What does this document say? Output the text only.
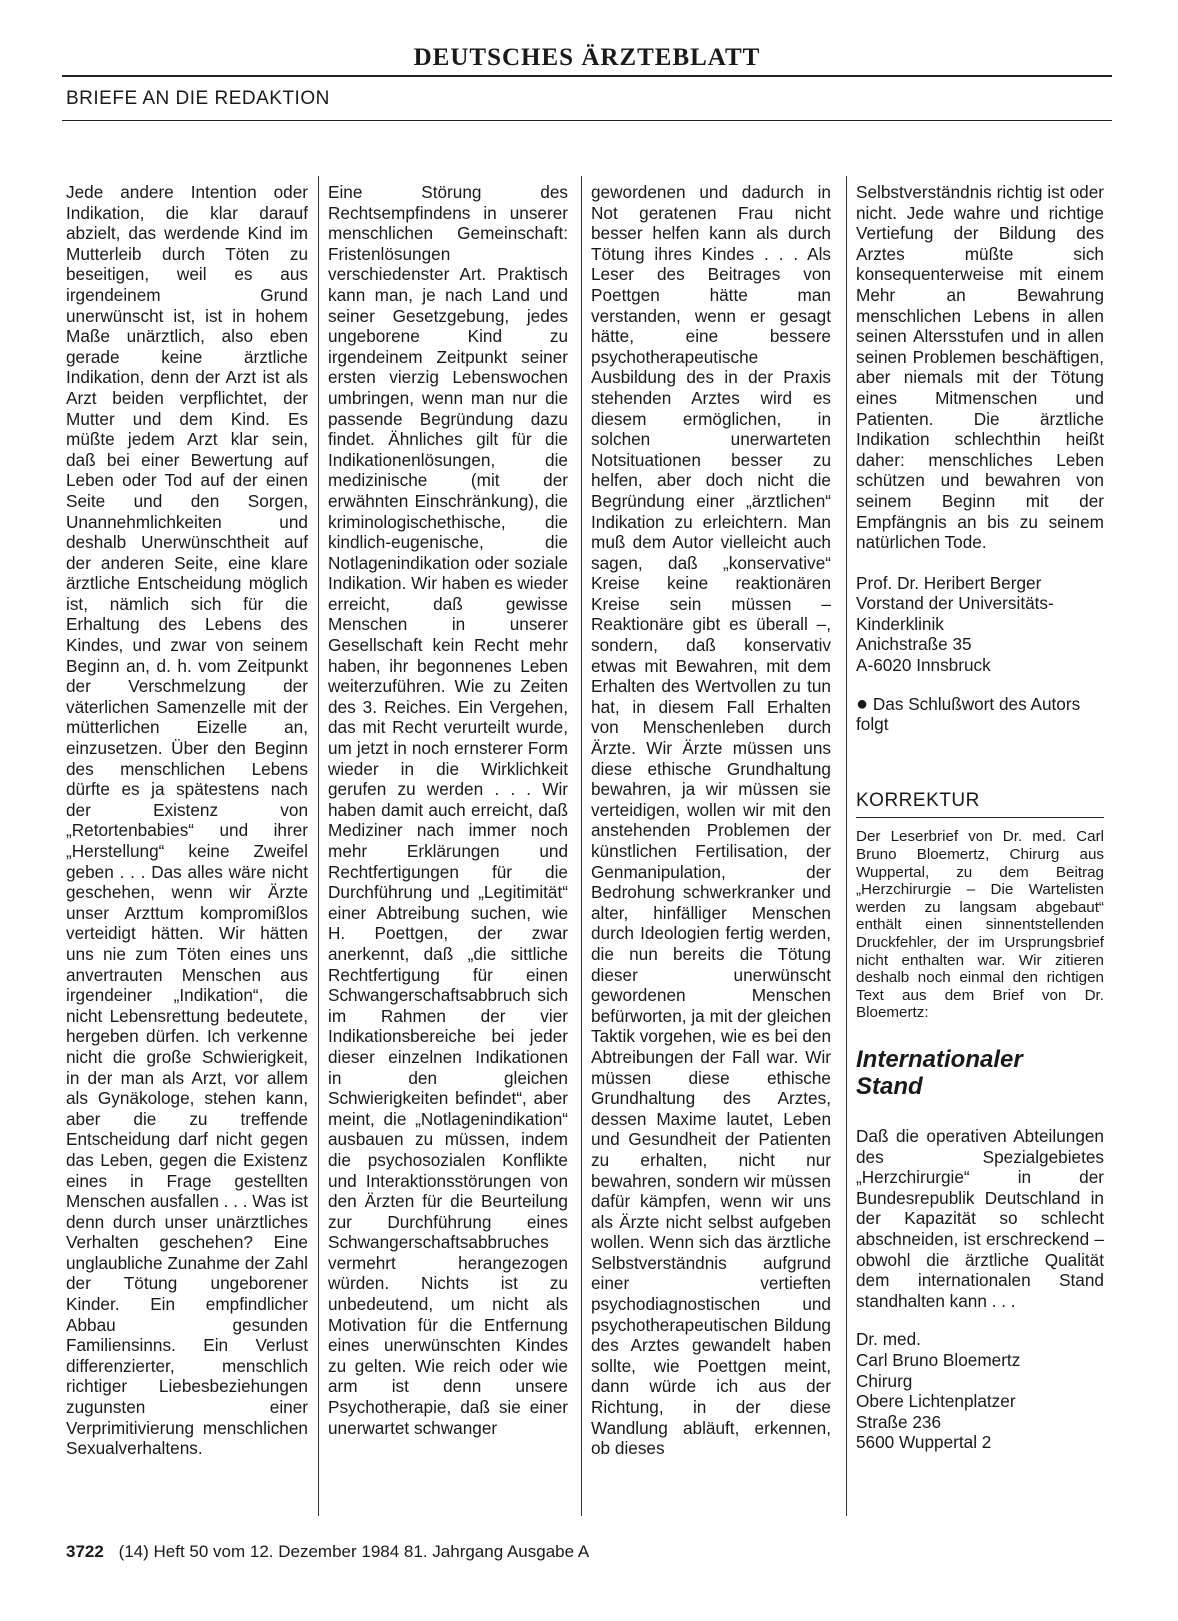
DEUTSCHES ÄRZTEBLATT
BRIEFE AN DIE REDAKTION

Jede andere Intention oder Indikation, die klar darauf abzielt, das werdende Kind im Mutterleib durch Töten zu beseitigen, weil es aus irgendeinem Grund unerwünscht ist, ist in hohem Maße unärztlich, also eben gerade keine ärztliche Indikation, denn der Arzt ist als Arzt beiden verpflichtet, der Mutter und dem Kind. Es müßte jedem Arzt klar sein, daß bei einer Bewertung auf Leben oder Tod auf der einen Seite und den Sorgen, Unannehmlichkeiten und deshalb Unerwünschtheit auf der anderen Seite, eine klare ärztliche Entscheidung möglich ist, nämlich sich für die Erhaltung des Lebens des Kindes, und zwar von seinem Beginn an, d. h. vom Zeitpunkt der Verschmelzung der väterlichen Samenzelle mit der mütterlichen Eizelle an, einzusetzen. Über den Beginn des menschlichen Lebens dürfte es ja spätestens nach der Existenz von „Retortenbabies“ und ihrer „Herstellung“ keine Zweifel geben . . . Das alles wäre nicht geschehen, wenn wir Ärzte unser Arzttum kompromißlos verteidigt hätten. Wir hätten uns nie zum Töten eines uns anvertrauten Menschen aus irgendeiner „Indikation“, die nicht Lebensrettung bedeutete, hergeben dürfen. Ich verkenne nicht die große Schwierigkeit, in der man als Arzt, vor allem als Gynäkologe, stehen kann, aber die zu treffende Entscheidung darf nicht gegen das Leben, gegen die Existenz eines in Frage gestellten Menschen ausfallen . . . Was ist denn durch unser unärztliches Verhalten geschehen? Eine unglaubliche Zunahme der Zahl der Tötung ungeborener Kinder. Ein empfindlicher Abbau gesunden Familiensinns. Ein Verlust differenzierter, menschlich richtiger Liebesbeziehungen zugunsten einer Verprimitivierung menschlichen Sexualverhaltens.

Eine Störung des Rechtsempfindens in unserer menschlichen Gemeinschaft: Fristenlösungen verschiedenster Art. Praktisch kann man, je nach Land und seiner Gesetzgebung, jedes ungeborene Kind zu irgendeinem Zeitpunkt seiner ersten vierzig Lebenswochen umbringen, wenn man nur die passende Begründung dazu findet. Ähnliches gilt für die Indikationenlösungen, die medizinische (mit der erwähnten Einschränkung), die kriminologischethische, die kindlich-eugenische, die Notlagenindikation oder soziale Indikation. Wir haben es wieder erreicht, daß gewisse Menschen in unserer Gesellschaft kein Recht mehr haben, ihr begonnenes Leben weiterzuführen. Wie zu Zeiten des 3. Reiches. Ein Vergehen, das mit Recht verurteilt wurde, um jetzt in noch ernsterer Form wieder in die Wirklichkeit gerufen zu werden . . . Wir haben damit auch erreicht, daß Mediziner nach immer noch mehr Erklärungen und Rechtfertigungen für die Durchführung und „Legitimität“ einer Abtreibung suchen, wie H. Poettgen, der zwar anerkennt, daß „die sittliche Rechtfertigung für einen Schwangerschaftsabbruch sich im Rahmen der vier Indikationsbereiche bei jeder dieser einzelnen Indikationen in den gleichen Schwierigkeiten befindet“, aber meint, die „Notlagenindikation“ ausbauen zu müssen, indem die psychosozialen Konflikte und Interaktionsstörungen von den Ärzten für die Beurteilung zur Durchführung eines Schwangerschaftsabbruches vermehrt herangezogen würden. Nichts ist zu unbedeutend, um nicht als Motivation für die Entfernung eines unerwünschten Kindes zu gelten. Wie reich oder wie arm ist denn unsere Psychotherapie, daß sie einer unerwartet schwanger

gewordenen und dadurch in Not geratenen Frau nicht besser helfen kann als durch Tötung ihres Kindes . . . Als Leser des Beitrages von Poettgen hätte man verstanden, wenn er gesagt hätte, eine bessere psychotherapeutische Ausbildung des in der Praxis stehenden Arztes wird es diesem ermöglichen, in solchen unerwarteten Notsituationen besser zu helfen, aber doch nicht die Begründung einer „ärztlichen“ Indikation zu erleichtern. Man muß dem Autor vielleicht auch sagen, daß „konservative“ Kreise keine reaktionären Kreise sein müssen – Reaktionäre gibt es überall –, sondern, daß konservativ etwas mit Bewahren, mit dem Erhalten des Wertvollen zu tun hat, in diesem Fall Erhalten von Menschenleben durch Ärzte. Wir Ärzte müssen uns diese ethische Grundhaltung bewahren, ja wir müssen sie verteidigen, wollen wir mit den anstehenden Problemen der künstlichen Fertilisation, der Genmanipulation, der Bedrohung schwerkranker und alter, hinfälliger Menschen durch Ideologien fertig werden, die nun bereits die Tötung dieser unerwünscht gewordenen Menschen befürworten, ja mit der gleichen Taktik vorgehen, wie es bei den Abtreibungen der Fall war. Wir müssen diese ethische Grundhaltung des Arztes, dessen Maxime lautet, Leben und Gesundheit der Patienten zu erhalten, nicht nur bewahren, sondern wir müssen dafür kämpfen, wenn wir uns als Ärzte nicht selbst aufgeben wollen. Wenn sich das ärztliche Selbstverständnis aufgrund einer vertieften psychodiagnostischen und psychotherapeutischen Bildung des Arztes gewandelt haben sollte, wie Poettgen meint, dann würde ich aus der Richtung, in der diese Wandlung abläuft, erkennen, ob dieses

Selbstverständnis richtig ist oder nicht. Jede wahre und richtige Vertiefung der Bildung des Arztes müßte sich konsequenterweise mit einem Mehr an Bewahrung menschlichen Lebens in allen seinen Altersstufen und in allen seinen Problemen beschäftigen, aber niemals mit der Tötung eines Mitmenschen und Patienten. Die ärztliche Indikation schlechthin heißt daher: menschliches Leben schützen und bewahren von seinem Beginn mit der Empfängnis an bis zu seinem natürlichen Tode.

Prof. Dr. Heribert Berger
Vorstand der Universitäts-
Kinderklinik
Anichstraße 35
A-6020 Innsbruck

● Das Schlußwort des Autors folgt

KORREKTUR

Der Leserbrief von Dr. med. Carl Bruno Bloemertz, Chirurg aus Wuppertal, zu dem Beitrag „Herzchirurgie – Die Wartelisten werden zu langsam abgebaut“ enthält einen sinnentstellenden Druckfehler, der im Ursprungsbrief nicht enthalten war. Wir zitieren deshalb noch einmal den richtigen Text aus dem Brief von Dr. Bloemertz:

Internationaler
Stand

Daß die operativen Abteilungen des Spezialgebietes „Herzchirurgie“ in der Bundesrepublik Deutschland in der Kapazität so schlecht abschneiden, ist erschreckend – obwohl die ärztliche Qualität dem internationalen Stand standhalten kann . . .

Dr. med.
Carl Bruno Bloemertz
Chirurg
Obere Lichtenplatzer
Straße 236
5600 Wuppertal 2

3722 (14) Heft 50 vom 12. Dezember 1984 81. Jahrgang Ausgabe A
